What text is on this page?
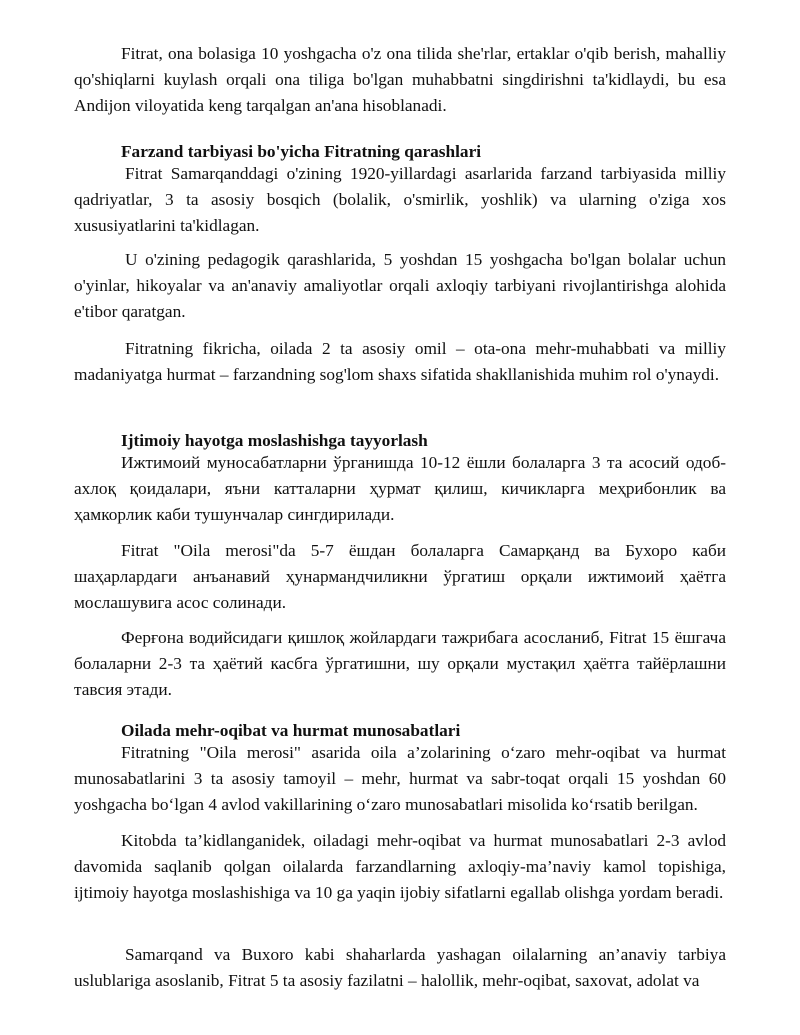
Fitrat, ona bolasiga 10 yoshgacha o'z ona tilida she'rlar, ertaklar o'qib berish, mahalliy qo'shiqlarni kuylash orqali ona tiliga bo'lgan muhabbatni singdirishni ta'kidlaydi, bu esa Andijon viloyatida keng tarqalgan an'ana hisoblanadi.

Farzand tarbiyasi bo'yicha Fitratning qarashlari

Fitrat Samarqanddagi o'zining 1920-yillardagi asarlarida farzand tarbiyasida milliy qadriyatlar, 3 ta asosiy bosqich (bolalik, o'smirlik, yoshlik) va ularning o'ziga xos xususiyatlarini ta'kidlagan.

U o'zining pedagogik qarashlarida, 5 yoshdan 15 yoshgacha bo'lgan bolalar uchun o'yinlar, hikoyalar va an'anaviy amaliyotlar orqali axloqiy tarbiyani rivojlantirishga alohida e'tibor qaratgan.

Fitratning fikricha, oilada 2 ta asosiy omil – ota-ona mehr-muhabbati va milliy madaniyatga hurmat – farzandning sog'lom shaxs sifatida shakllanishida muhim rol o'ynaydi.

Ijtimoiy hayotga moslashishga tayyorlash

Ижтимоий муносабатларни ўрганишда 10-12 ёшли болаларга 3 та асосий одоб-ахлоқ қоидалари, яъни катталарни ҳурмат қилиш, кичикларга меҳрибонлик ва ҳамкорлик каби тушунчалар сингдирилади.

Fitrat "Oila merosi"da 5-7 ёшдан болаларга Самарқанд ва Бухоро каби шаҳарлардаги анъанавий ҳунармандчиликни ўргатиш орқали ижтимоий ҳаётга мослашувига асос солинади.

Ферғона водийсидаги қишлоқ жойлардаги тажрибага асосланиб, Fitrat 15 ёшгача болаларни 2-3 та ҳаётий касбга ўргатишни, шу орқали мустақил ҳаётга тайёрлашни тавсия этади.

Oilada mehr-oqibat va hurmat munosabatlari

Fitratning "Oila merosi" asarida oila a’zolarining o‘zaro mehr-oqibat va hurmat munosabatlarini 3 ta asosiy tamoyil – mehr, hurmat va sabr-toqat orqali 15 yoshdan 60 yoshgacha bo‘lgan 4 avlod vakillarining o‘zaro munosabatlari misolida ko‘rsatib berilgan.

Kitobda ta’kidlanganidek, oiladagi mehr-oqibat va hurmat munosabatlari 2-3 avlod davomida saqlanib qolgan oilalarda farzandlarning axloqiy-ma’naviy kamol topishiga, ijtimoiy hayotga moslashishiga va 10 ga yaqin ijobiy sifatlarni egallab olishga yordam beradi.

Samarqand va Buxoro kabi shaharlarda yashagan oilalarning an’anaviy tarbiya uslublariga asoslanib, Fitrat 5 ta asosiy fazilatni – halollik, mehr-oqibat, saxovat, adolat va
